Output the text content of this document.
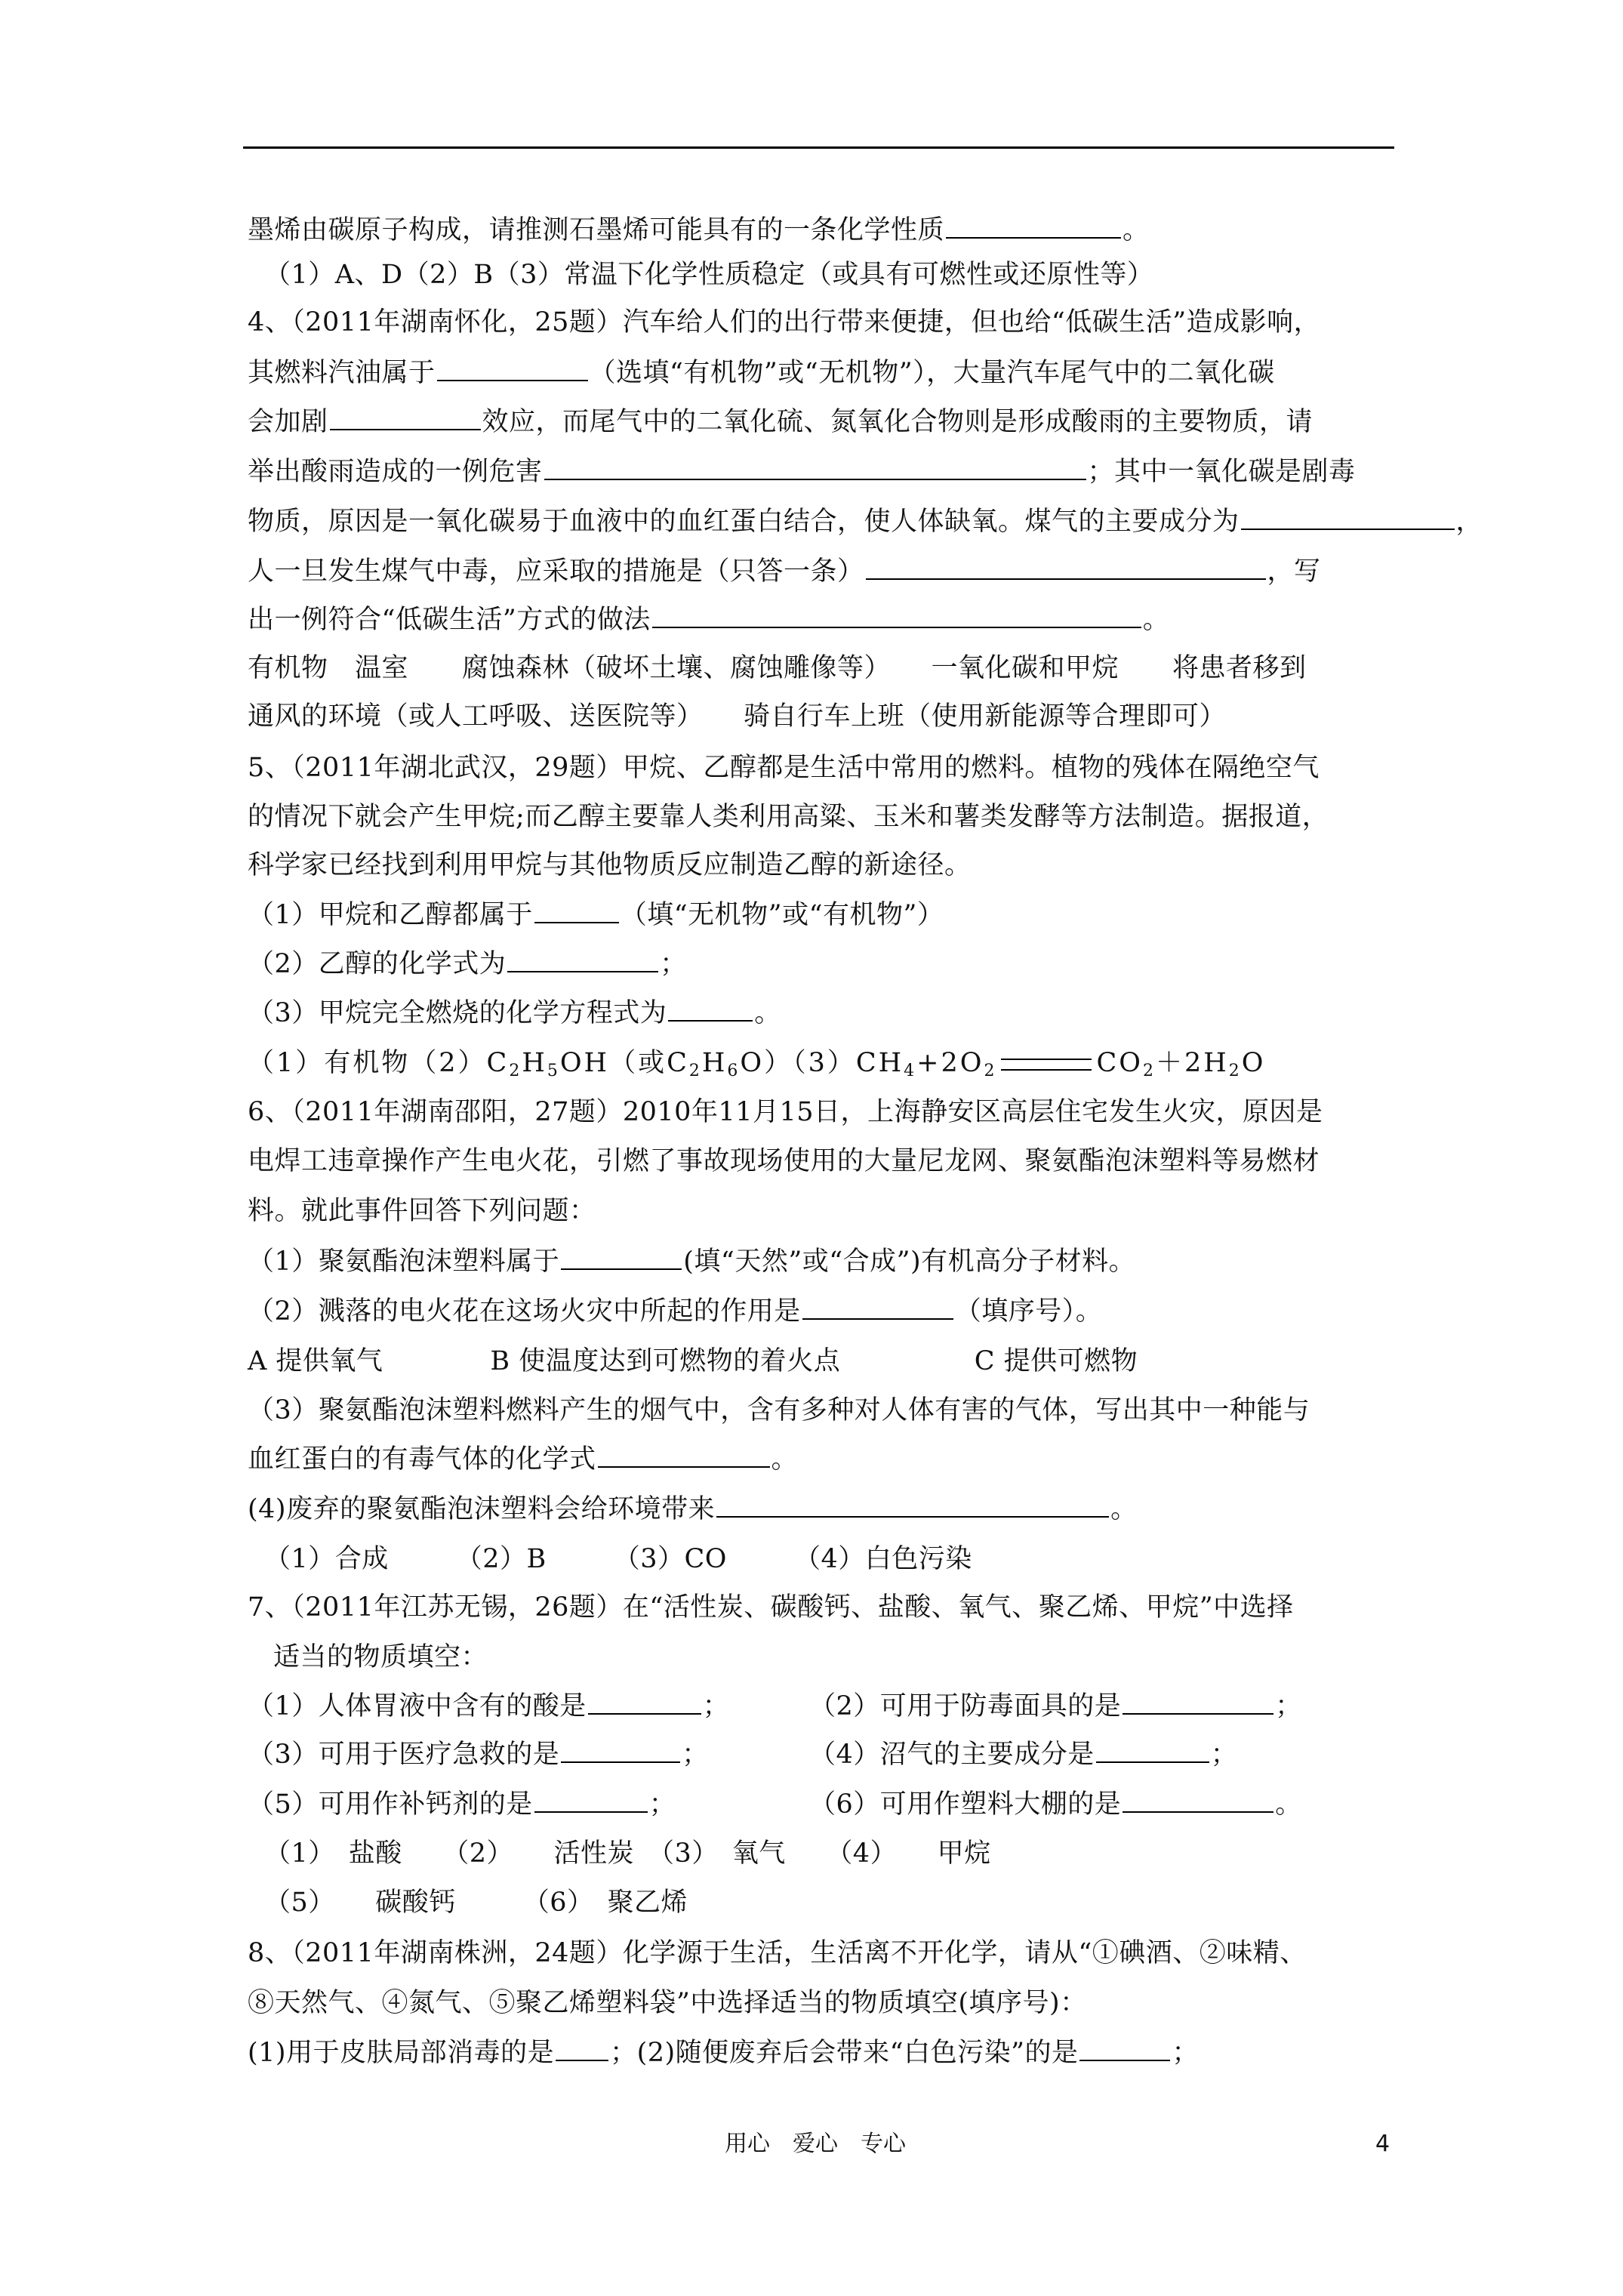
墨烯由碳原子构成，请推测石墨烯可能具有的一条化学性质	。
（1）A、D（2）B（3）常温下化学性质稳定（或具有可燃性或还原性等）
4、（2011年湖南怀化，25题）汽车给人们的出行带来便捷，但也给“低碳生活”造成影响，
其燃料汽油属于	（选填“有机物”或“无机物”），大量汽车尾气中的二氧化碳
会加剧	效应，而尾气中的二氧化硫、氮氧化合物则是形成酸雨的主要物质，请
举出酸雨造成的一例危害	；其中一氧化碳是剧毒
物质，原因是一氧化碳易于血液中的血红蛋白结合，使人体缺氧。煤气的主要成分为	，
人一旦发生煤气中毒，应采取的措施是（只答一条）	，写
出一例符合“低碳生活”方式的做法	。
有机物　温室　　腐蚀森林（破坏土壤、腐蚀雕像等）　　一氧化碳和甲烷　　将患者移到
通风的环境（或人工呼吸、送医院等）　　骑自行车上班（使用新能源等合理即可）
5、（2011年湖北武汉，29题）甲烷、乙醇都是生活中常用的燃料。植物的残体在隔绝空气
的情况下就会产生甲烷;而乙醇主要靠人类利用高粱、玉米和薯类发酵等方法制造。据报道，
科学家已经找到利用甲烷与其他物质反应制造乙醇的新途径。
（1）甲烷和乙醇都属于	（填“无机物”或“有机物”）
（2）乙醇的化学式为	；
（3）甲烷完全燃烧的化学方程式为	。
（1）有机物$(2)C_2H_5OH$（或$C_2H_6O)(3)CH_4+2O_2$	$CO_2+2H_2O$
6、（2011年湖南邵阳，27题）2010年11月15日，上海静安区高层住宅发生火灾，原因是
电焊工违章操作产生电火花，引燃了事故现场使用的大量尼龙网、聚氨酯泡沫塑料等易燃材
料。就此事件回答下列问题：
（1）聚氨酯泡沫塑料属于	(填“天然”或“合成”)有机高分子材料。
（2）溅落的电火花在这场火灾中所起的作用是	（填序号）。
A 提供氧气　　　　B 使温度达到可燃物的着火点　　　　　C 提供可燃物
（3）聚氨酯泡沫塑料燃料产生的烟气中，含有多种对人体有害的气体，写出其中一种能与
血红蛋白的有毒气体的化学式	。
(4)废弃的聚氨酯泡沫塑料会给环境带来	。
（1）合成　　　（2）B　　　（3）CO　　　（4）白色污染
7、（2011年江苏无锡，26题）在“活性炭、碳酸钙、盐酸、氧气、聚乙烯、甲烷”中选择
适当的物质填空：
（1）人体胃液中含有的酸是	；	（2）可用于防毒面具的是	；
（3）可用于医疗急救的是	；	（4）沼气的主要成分是	；
（5）可用作补钙剂的是	；	（6）可用作塑料大棚的是	。
（1）　盐酸　　（2）　　活性炭　（3）　氧气　　（4）　　甲烷
（5）　　碳酸钙　　　（6）　聚乙烯
8、（2011年湖南株洲，24题）化学源于生活，生活离不开化学，请从“①碘酒、②味精、
⑧天然气、④氮气、⑤聚乙烯塑料袋”中选择适当的物质填空(填序号)：
(1)用于皮肤局部消毒的是 ；(2)随便废弃后会带来“白色污染”的是	；
用心　爱心　专心	4
